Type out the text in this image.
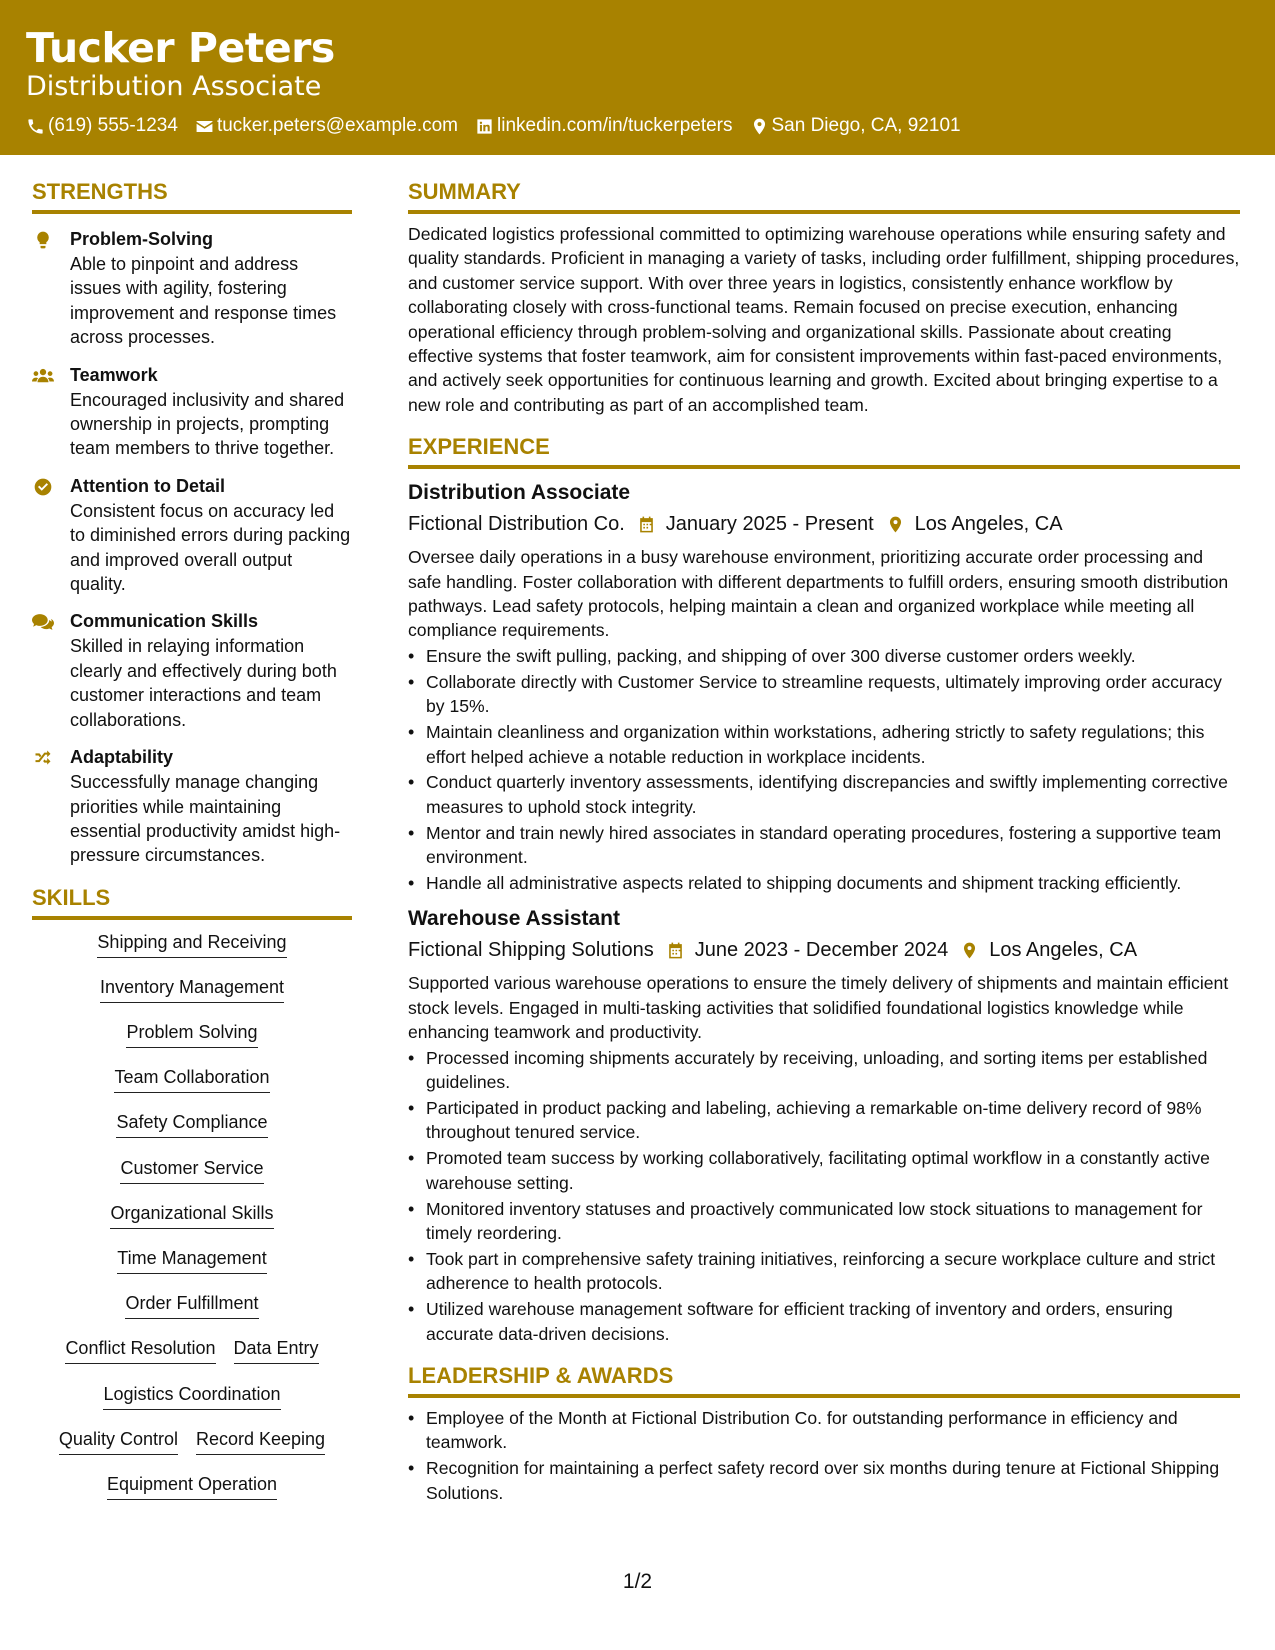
Tucker Peters
Distribution Associate
(619) 555-1234 tucker.peters@example.com linkedin.com/in/tuckerpeters San Diego, CA, 92101
STRENGTHS
Problem-Solving
Able to pinpoint and address issues with agility, fostering improvement and response times across processes.
Teamwork
Encouraged inclusivity and shared ownership in projects, prompting team members to thrive together.
Attention to Detail
Consistent focus on accuracy led to diminished errors during packing and improved overall output quality.
Communication Skills
Skilled in relaying information clearly and effectively during both customer interactions and team collaborations.
Adaptability
Successfully manage changing priorities while maintaining essential productivity amidst high-pressure circumstances.
SKILLS
Shipping and Receiving
Inventory Management
Problem Solving
Team Collaboration
Safety Compliance
Customer Service
Organizational Skills
Time Management
Order Fulfillment
Conflict Resolution Data Entry
Logistics Coordination
Quality Control Record Keeping
Equipment Operation
SUMMARY
Dedicated logistics professional committed to optimizing warehouse operations while ensuring safety and quality standards. Proficient in managing a variety of tasks, including order fulfillment, shipping procedures, and customer service support. With over three years in logistics, consistently enhance workflow by collaborating closely with cross-functional teams. Remain focused on precise execution, enhancing operational efficiency through problem-solving and organizational skills. Passionate about creating effective systems that foster teamwork, aim for consistent improvements within fast-paced environments, and actively seek opportunities for continuous learning and growth. Excited about bringing expertise to a new role and contributing as part of an accomplished team.
EXPERIENCE
Distribution Associate
Fictional Distribution Co. January 2025 - Present Los Angeles, CA
Oversee daily operations in a busy warehouse environment, prioritizing accurate order processing and safe handling. Foster collaboration with different departments to fulfill orders, ensuring smooth distribution pathways. Lead safety protocols, helping maintain a clean and organized workplace while meeting all compliance requirements.
• Ensure the swift pulling, packing, and shipping of over 300 diverse customer orders weekly.
• Collaborate directly with Customer Service to streamline requests, ultimately improving order accuracy by 15%.
• Maintain cleanliness and organization within workstations, adhering strictly to safety regulations; this effort helped achieve a notable reduction in workplace incidents.
• Conduct quarterly inventory assessments, identifying discrepancies and swiftly implementing corrective measures to uphold stock integrity.
• Mentor and train newly hired associates in standard operating procedures, fostering a supportive team environment.
• Handle all administrative aspects related to shipping documents and shipment tracking efficiently.
Warehouse Assistant
Fictional Shipping Solutions June 2023 - December 2024 Los Angeles, CA
Supported various warehouse operations to ensure the timely delivery of shipments and maintain efficient stock levels. Engaged in multi-tasking activities that solidified foundational logistics knowledge while enhancing teamwork and productivity.
• Processed incoming shipments accurately by receiving, unloading, and sorting items per established guidelines.
• Participated in product packing and labeling, achieving a remarkable on-time delivery record of 98% throughout tenured service.
• Promoted team success by working collaboratively, facilitating optimal workflow in a constantly active warehouse setting.
• Monitored inventory statuses and proactively communicated low stock situations to management for timely reordering.
• Took part in comprehensive safety training initiatives, reinforcing a secure workplace culture and strict adherence to health protocols.
• Utilized warehouse management software for efficient tracking of inventory and orders, ensuring accurate data-driven decisions.
LEADERSHIP & AWARDS
• Employee of the Month at Fictional Distribution Co. for outstanding performance in efficiency and teamwork.
• Recognition for maintaining a perfect safety record over six months during tenure at Fictional Shipping Solutions.
1/2
